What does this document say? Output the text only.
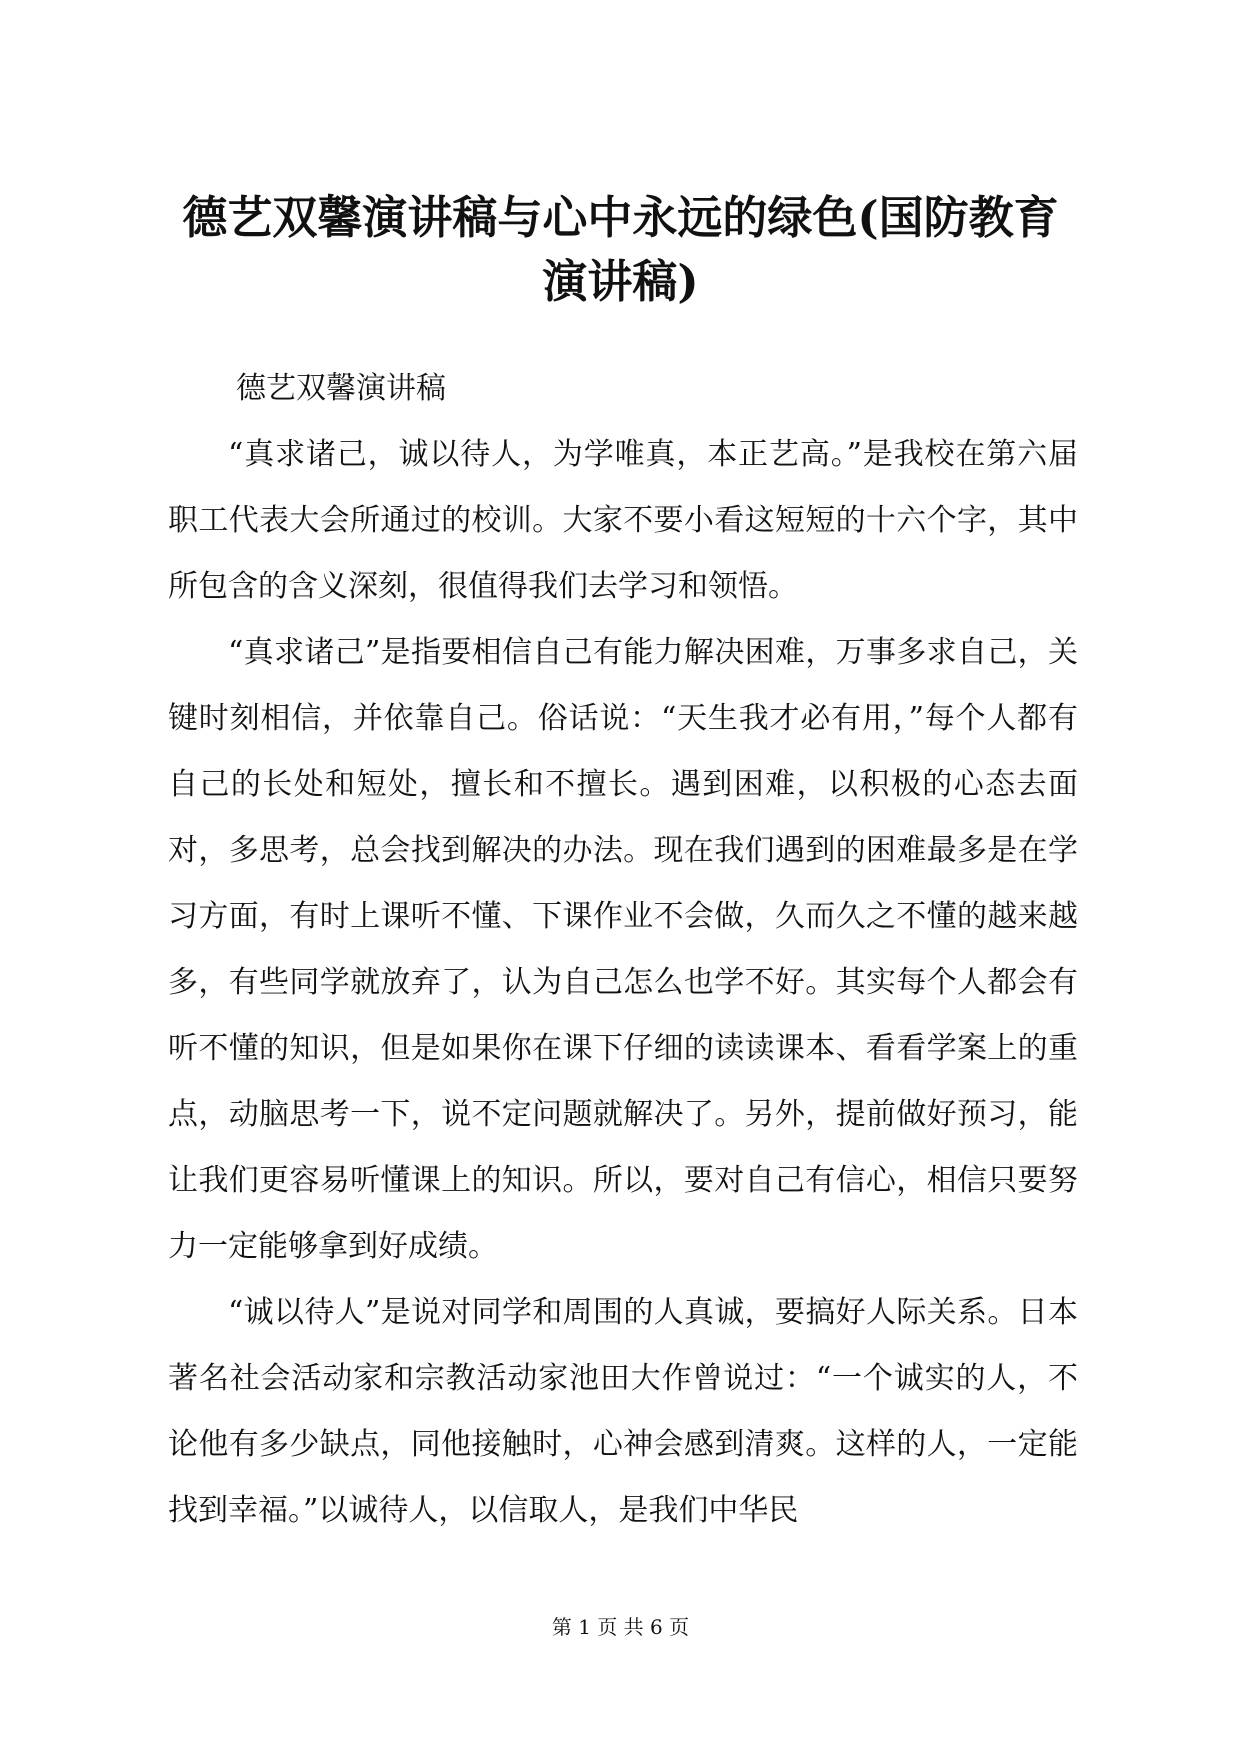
德艺双馨演讲稿与心中永远的绿色(国防教育
演讲稿)

德艺双馨演讲稿

“真求诸己，诚以待人，为学唯真，本正艺高。”是我校在第六届职工代表大会所通过的校训。大家不要小看这短短的十六个字，其中所包含的含义深刻，很值得我们去学习和领悟。

“真求诸己”是指要相信自己有能力解决困难，万事多求自己，关键时刻相信，并依靠自己。俗话说：“天生我才必有用，”每个人都有自己的长处和短处，擅长和不擅长。遇到困难，以积极的心态去面对，多思考，总会找到解决的办法。现在我们遇到的困难最多是在学习方面，有时上课听不懂、下课作业不会做，久而久之不懂的越来越多，有些同学就放弃了，认为自己怎么也学不好。其实每个人都会有听不懂的知识，但是如果你在课下仔细的读读课本、看看学案上的重点，动脑思考一下，说不定问题就解决了。另外，提前做好预习，能让我们更容易听懂课上的知识。所以，要对自己有信心，相信只要努力一定能够拿到好成绩。

“诚以待人”是说对同学和周围的人真诚，要搞好人际关系。日本著名社会活动家和宗教活动家池田大作曾说过：“一个诚实的人，不论他有多少缺点，同他接触时，心神会感到清爽。这样的人，一定能找到幸福。”以诚待人，以信取人，是我们中华民

第 1 页 共 6 页
